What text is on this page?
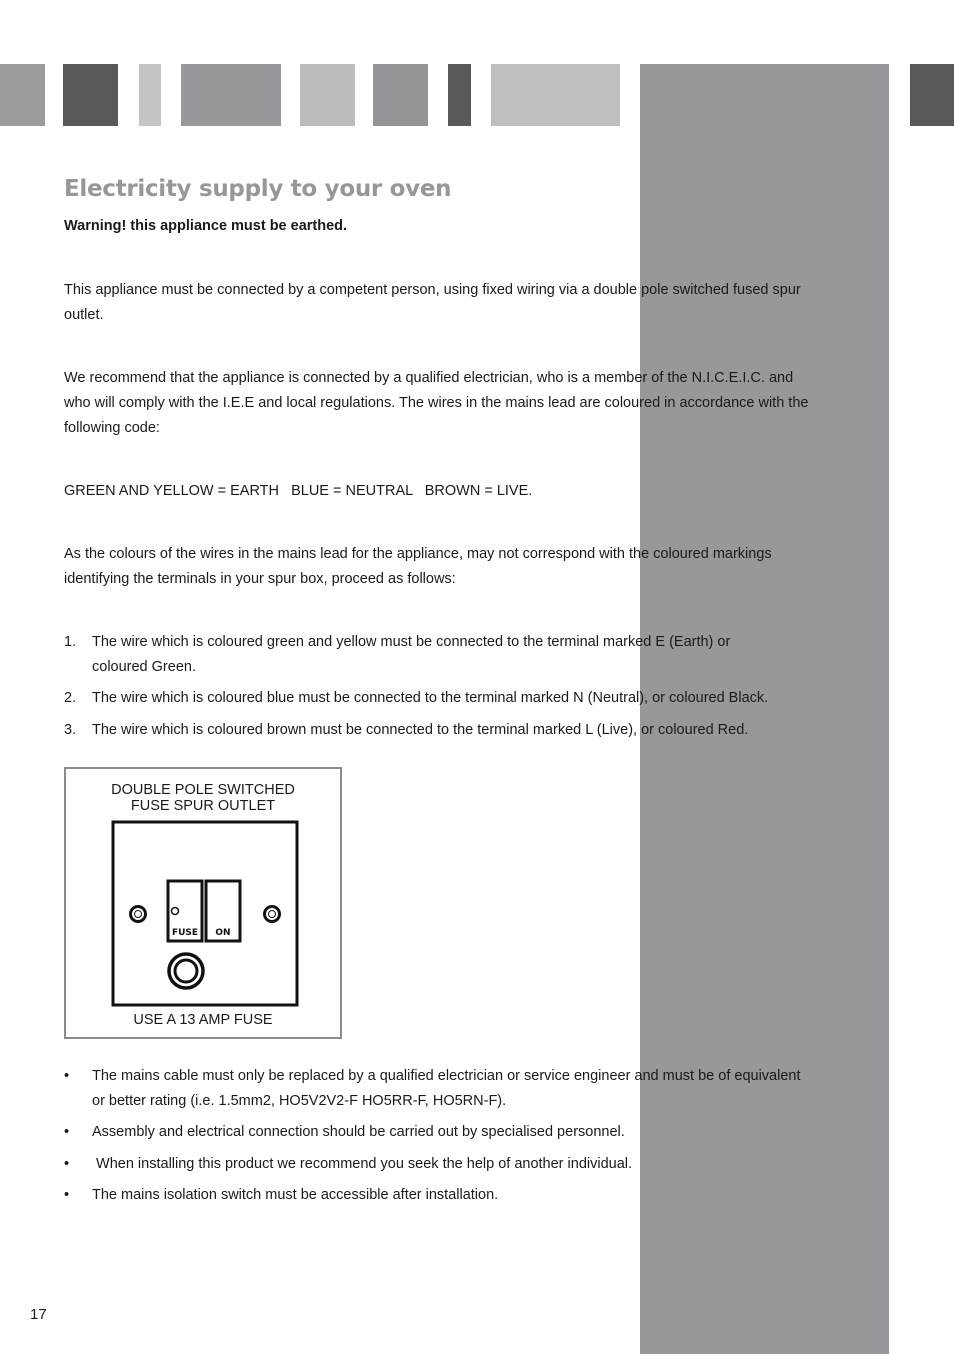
Electricity supply to your oven

Warning! this appliance must be earthed.

This appliance must be connected by a competent person, using fixed wiring via a double pole switched fused spur outlet.

We recommend that the appliance is connected by a qualified electrician, who is a member of the N.I.C.E.I.C. and who will comply with the I.E.E and local regulations. The wires in the mains lead are coloured in accordance with the following code:

GREEN AND YELLOW = EARTH   BLUE = NEUTRAL   BROWN = LIVE.

As the colours of the wires in the mains lead for the appliance, may not correspond with the coloured markings identifying the terminals in your spur box, proceed as follows:

1. The wire which is coloured green and yellow must be connected to the terminal marked E (Earth) or coloured Green.
2. The wire which is coloured blue must be connected to the terminal marked N (Neutral), or coloured Black.
3. The wire which is coloured brown must be connected to the terminal marked L (Live), or coloured Red.
DOUBLE POLE SWITCHED
FUSE SPUR OUTLET
FUSE ON
USE A 13 AMP FUSE
• The mains cable must only be replaced by a qualified electrician or service engineer and must be of equivalent or better rating (i.e. 1.5mm2, HO5V2V2-F HO5RR-F, HO5RN-F).
• Assembly and electrical connection should be carried out by specialised personnel.
• When installing this product we recommend you seek the help of another individual.
• The mains isolation switch must be accessible after installation.
17
